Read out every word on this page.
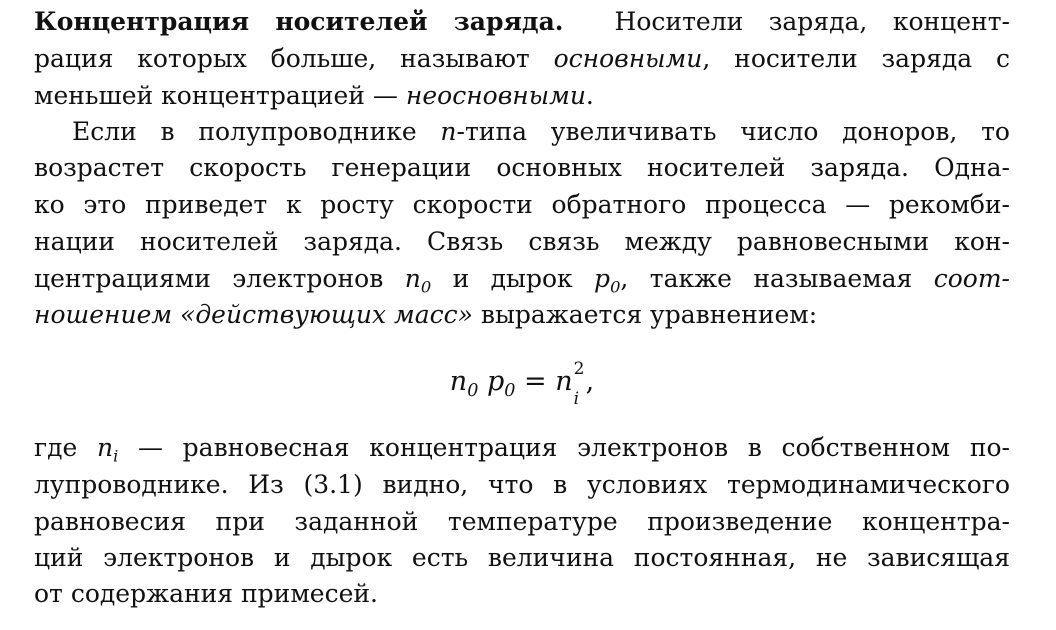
Концентрация носителей заряда. Носители заряда, концент-
рация которых больше, называют основными, носители заряда с
меньшей концентрацией — неосновными.
Если в полупроводнике n-типа увеличивать число доноров, то
возрастет скорость генерации основных носителей заряда. Одна-
ко это приведет к росту скорости обратного процесса — рекомби-
нации носителей заряда. Связь связь между равновесными кон-
центрациями электронов $n_0$ и дырок $p_0$, также называемая соот-
ношением «действующих масс» выражается уравнением:
$n_0$ $p_0 = n$ 2
i
,
где $n_i$ — равновесная концентрация электронов в собственном по-
лупроводнике. Из (3.1) видно, что в условиях термодинамического
равновесия при заданной температуре произведение концентра-
ций электронов и дырок есть величина постоянная, не зависящая
от содержания примесей.
